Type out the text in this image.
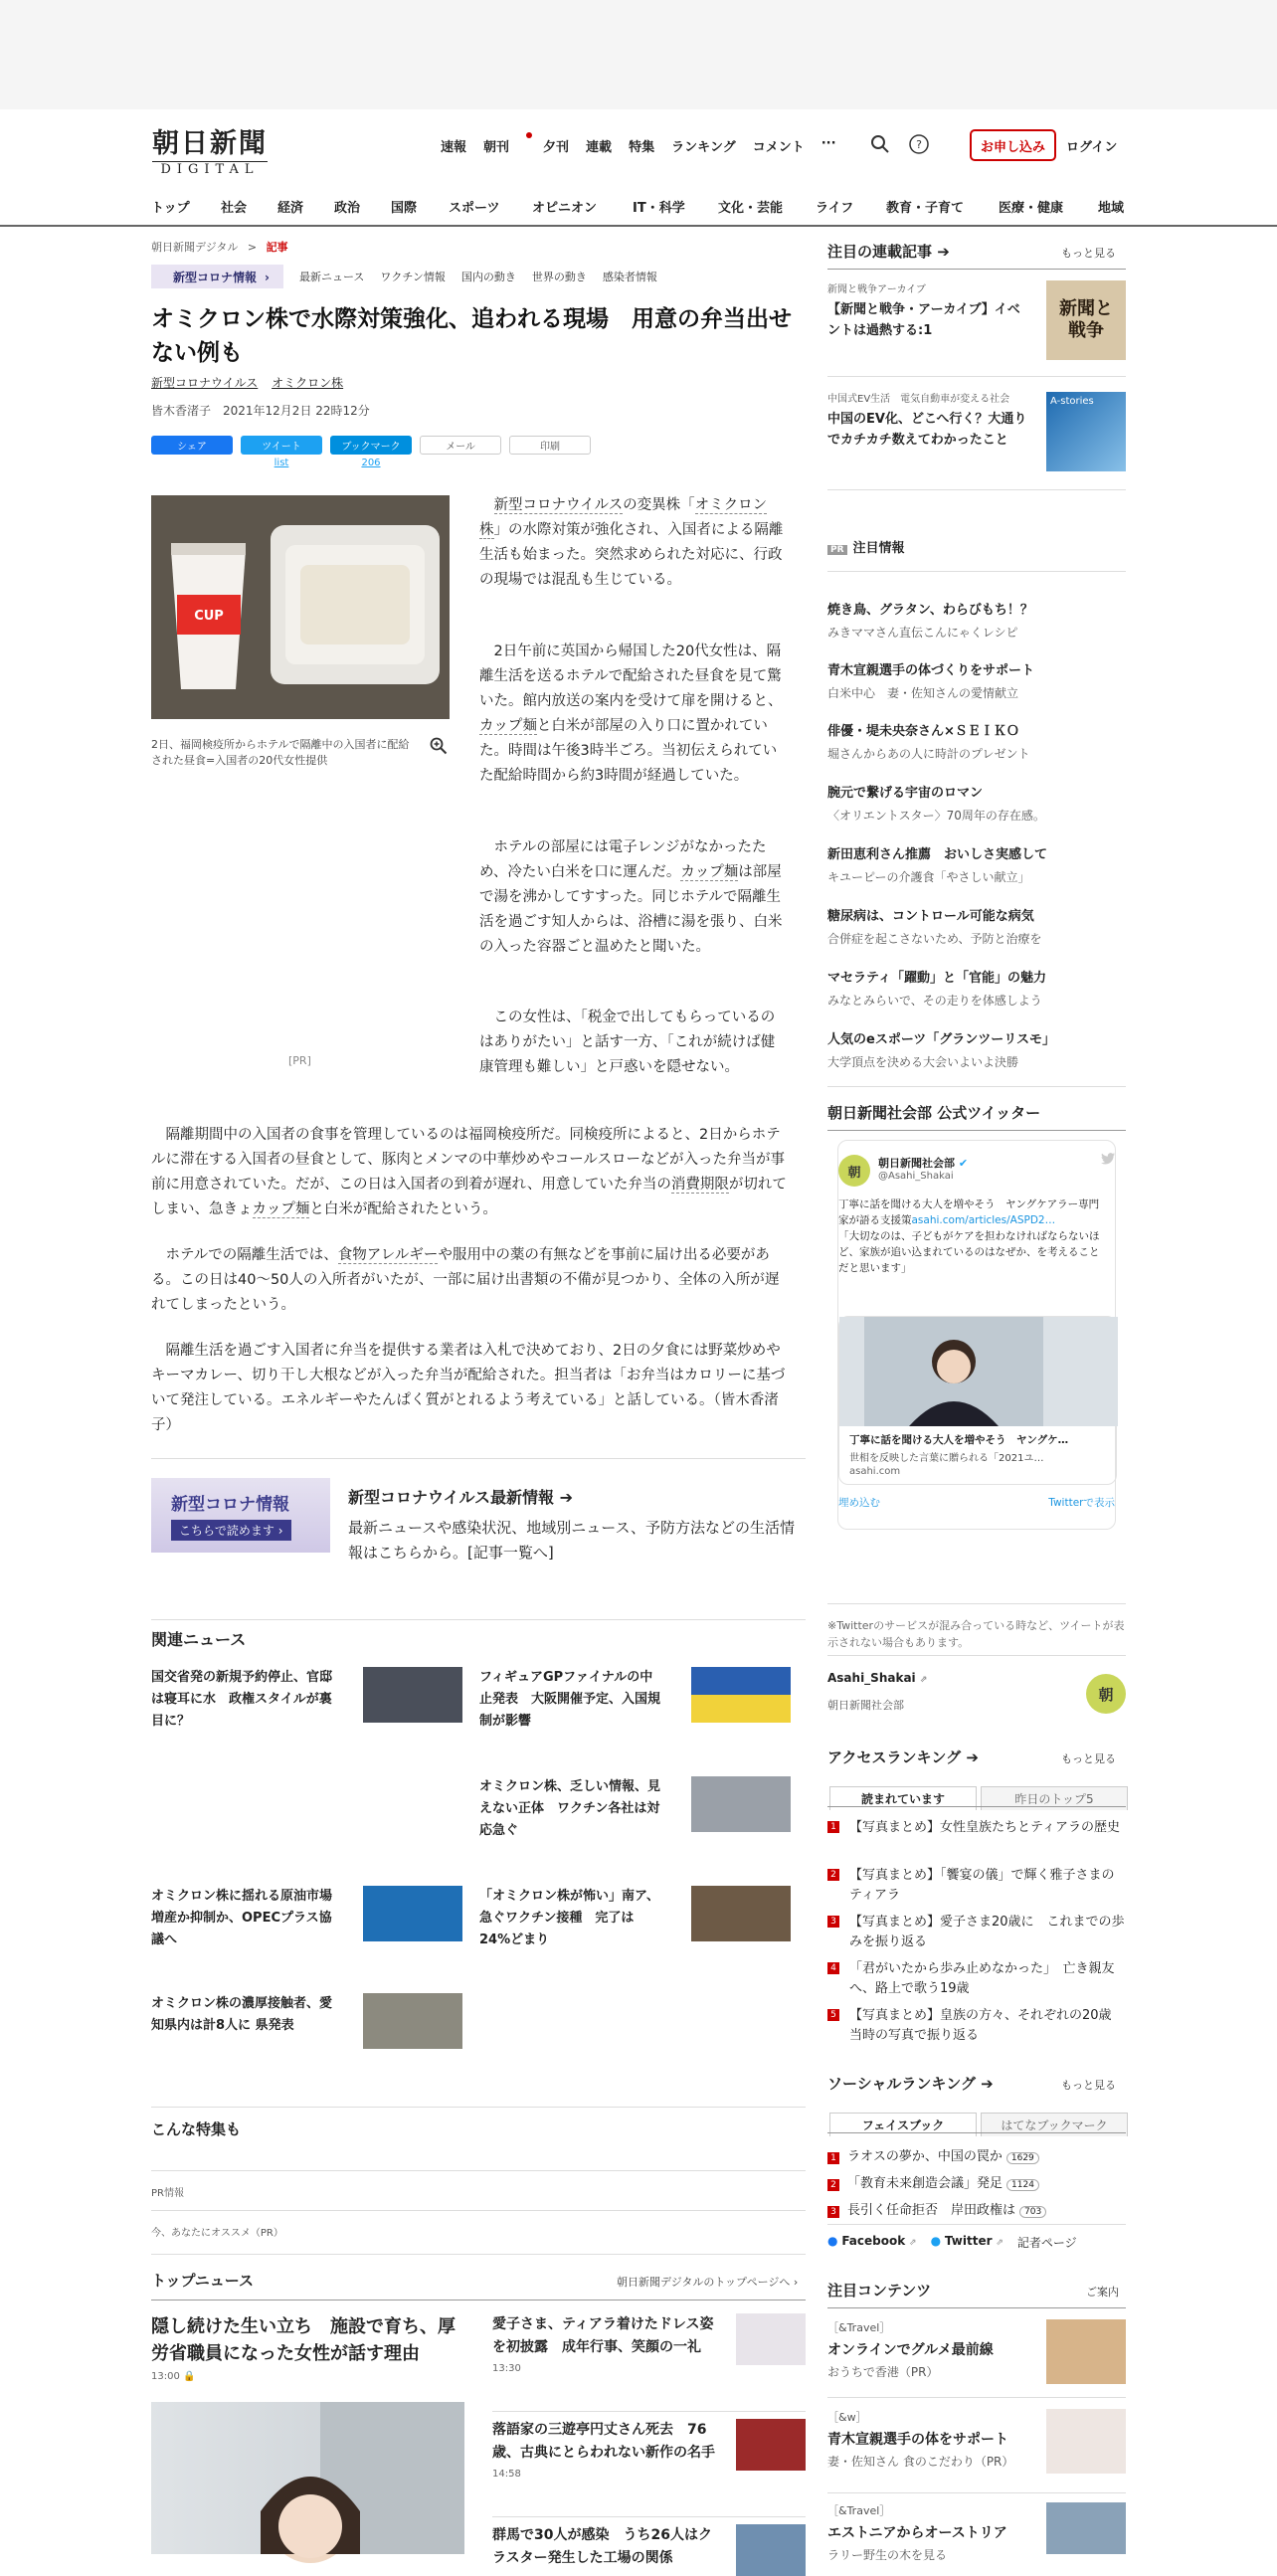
朝日新聞
DIGITAL
速報 朝刊	夕刊 連載 特集 ランキング コメント ···	?	お申し込み	ログイン
トップ 社会 経済 政治 国際 スポーツ	オピニオン	IT・科学	文化・芸能	ライフ	教育・子育て	医療・健康	地域
朝日新聞デジタル > 記事
新型コロナ情報 ›	最新ニュース ワクチン情報 国内の動き 世界の動き 感染者情報
オミクロン株で水際対策強化、追われる現場　用意の弁当出せない例も
新型コロナウイルス オミクロン株
皆木香渚子　2021年12月2日 22時12分
シェア	ツイート
list
ブックマーク
206
メール	印刷
CUP
2日、福岡検疫所からホテルで隔離中の入国者に配給された昼食=入国者の20代女性提供
[PR]
　新型コロナウイルスの変異株「オミクロン株」の水際対策が強化され、入国者による隔離生活も始まった。突然求められた対応に、行政の現場では混乱も生じている。
　2日午前に英国から帰国した20代女性は、隔離生活を送るホテルで配給された昼食を見て驚いた。館内放送の案内を受けて扉を開けると、カップ麺と白米が部屋の入り口に置かれていた。時間は午後3時半ごろ。当初伝えられていた配給時間から約3時間が経過していた。
　ホテルの部屋には電子レンジがなかったため、冷たい白米を口に運んだ。カップ麺は部屋で湯を沸かしてすすった。同じホテルで隔離生活を過ごす知人からは、浴槽に湯を張り、白米の入った容器ごと温めたと聞いた。
　この女性は、「税金で出してもらっているのはありがたい」と話す一方、「これが続けば健康管理も難しい」と戸惑いを隠せない。
　隔離期間中の入国者の食事を管理しているのは福岡検疫所だ。同検疫所によると、2日からホテルに滞在する入国者の昼食として、豚肉とメンマの中華炒めやコールスローなどが入った弁当が事前に用意されていた。だが、この日は入国者の到着が遅れ、用意していた弁当の消費期限が切れてしまい、急きょカップ麺と白米が配給されたという。
　ホテルでの隔離生活では、食物アレルギーや服用中の薬の有無などを事前に届け出る必要がある。この日は40～50人の入所者がいたが、一部に届け出書類の不備が見つかり、全体の入所が遅れてしまったという。
　隔離生活を過ごす入国者に弁当を提供する業者は入札で決めており、2日の夕食には野菜炒めやキーマカレー、切り干し大根などが入った弁当が配給された。担当者は「お弁当はカロリーに基づいて発注している。エネルギーやたんぱく質がとれるよう考えている」と話している。（皆木香渚子）
新型コロナ情報
こちらで読めます ›
新型コロナウイルス最新情報 ➔
最新ニュースや感染状況、地域別ニュース、予防方法などの生活情報はこちらから。[記事一覧へ]
関連ニュース
国交省発の新規予約停止、官邸は寝耳に水　政権スタイルが裏目に？
フィギュアGPファイナルの中止発表　大阪開催予定、入国規制が影響
オミクロン株、乏しい情報、見えない正体　ワクチン各社は対応急ぐ
オミクロン株に揺れる原油市場　増産か抑制か、OPECプラス協議へ
「オミクロン株が怖い」南ア、急ぐワクチン接種　完了は24%どまり
オミクロン株の濃厚接触者、愛知県内は計8人に 県発表
こんな特集も
PR情報
今、あなたにオススメ（PR）
トップニュース	朝日新聞デジタルのトップページへ ›
隠し続けた生い立ち　施設で育ち、厚労省職員になった女性が話す理由
13:00 🔒
愛子さま、ティアラ着けたドレス姿を初披露　成年行事、笑顔の一礼
13:30
落語家の三遊亭円丈さん死去　76歳、古典にとらわれない新作の名手
14:58
群馬で30人が感染　うち26人はクラスター発生した工場の関係
注目の連載記事 ➔	もっと見る
新聞と戦争アーカイブ
【新聞と戦争・アーカイブ】イベントは過熱する:1
新聞と戦争
中国式EV生活　電気自動車が変える社会
中国のEV化、どこへ行く？大通りでカチカチ数えてわかったこと
A-stories
PR 注目情報
焼き鳥、グラタン、わらびもち！？
みきママさん直伝こんにゃくレシピ
青木宣親選手の体づくりをサポート
白米中心　妻・佐知さんの愛情献立
俳優・堤未央奈さん×ＳＥＩＫＯ
堀さんからあの人に時計のプレゼント
腕元で繋げる宇宙のロマン
〈オリエントスター〉70周年の存在感。
新田恵利さん推薦　おいしさ実感して
キユーピーの介護食「やさしい献立」
糖尿病は、コントロール可能な病気
合併症を起こさないため、予防と治療を
マセラティ「躍動」と「官能」の魅力
みなとみらいで、その走りを体感しよう
人気のeスポーツ「グランツーリスモ」
大学頂点を決める大会いよいよ決勝
朝日新聞社会部 公式ツイッター
朝
朝日新聞社会部 ✔
@Asahi_Shakai
丁寧に話を聞ける大人を増やそう　ヤングケアラー専門家が語る支援策asahi.com/articles/ASPD2…
「大切なのは、子どもがケアを担わなければならないほど、家族が追い込まれているのはなぜか、を考えることだと思います」
丁寧に話を聞ける大人を増やそう　ヤングケ…
世相を反映した言葉に贈られる「2021ユ…
asahi.com
埋め込む	Twitterで表示
※Twitterのサービスが混み合っている時など、ツイートが表示されない場合もあります。
Asahi_Shakai ⇗
朝日新聞社会部
朝
アクセスランキング ➔	もっと見る
読まれています	昨日のトップ5
1 【写真まとめ】女性皇族たちとティアラの歴史
2 【写真まとめ】「饗宴の儀」で輝く雅子さまのティアラ
3 【写真まとめ】愛子さま20歳に　これまでの歩みを振り返る
4 「君がいたから歩み止めなかった」　亡き親友へ、路上で歌う19歳
5 【写真まとめ】皇族の方々、それぞれの20歳　当時の写真で振り返る
ソーシャルランキング ➔	もっと見る
フェイスブック	はてなブックマーク
1 ラオスの夢か、中国の罠か 1629
2 「教育未来創造会議」発足 1124
3 長引く任命拒否　岸田政権は 703
● Facebook ⇗ ● Twitter ⇗ 記者ページ
注目コンテンツ	ご案内
［&Travel］
オンラインでグルメ最前線
おうちで香港（PR）
［&w］
青木宣親選手の体をサポート
妻・佐知さん 食のこだわり（PR）
［&Travel］
エストニアからオーストリア
ラリー野生の木を見る
